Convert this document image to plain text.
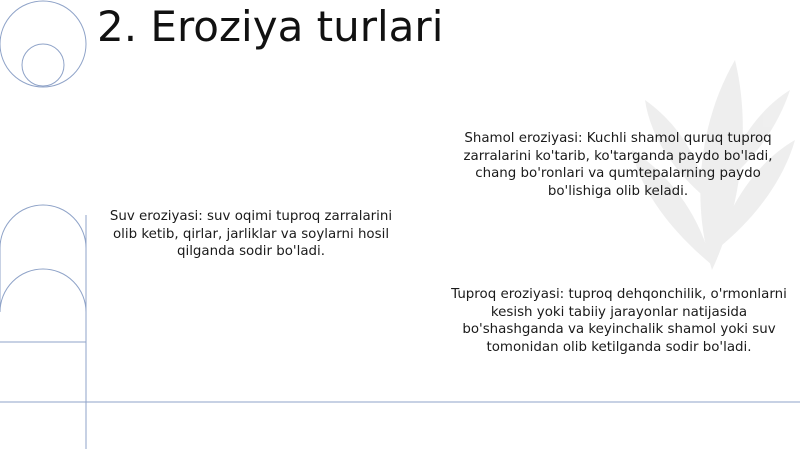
2. Eroziya turlari
Shamol eroziyasi: Kuchli shamol quruq tuproq zarralarini ko'tarib, ko'targanda paydo bo'ladi, chang bo'ronlari va qumtepalarning paydo bo'lishiga olib keladi.
Suv eroziyasi: suv oqimi tuproq zarralarini olib ketib, qirlar, jarliklar va soylarni hosil qilganda sodir bo'ladi.
Tuproq eroziyasi: tuproq dehqonchilik, o'rmonlarni kesish yoki tabiiy jarayonlar natijasida bo'shashganda va keyinchalik shamol yoki suv tomonidan olib ketilganda sodir bo'ladi.
